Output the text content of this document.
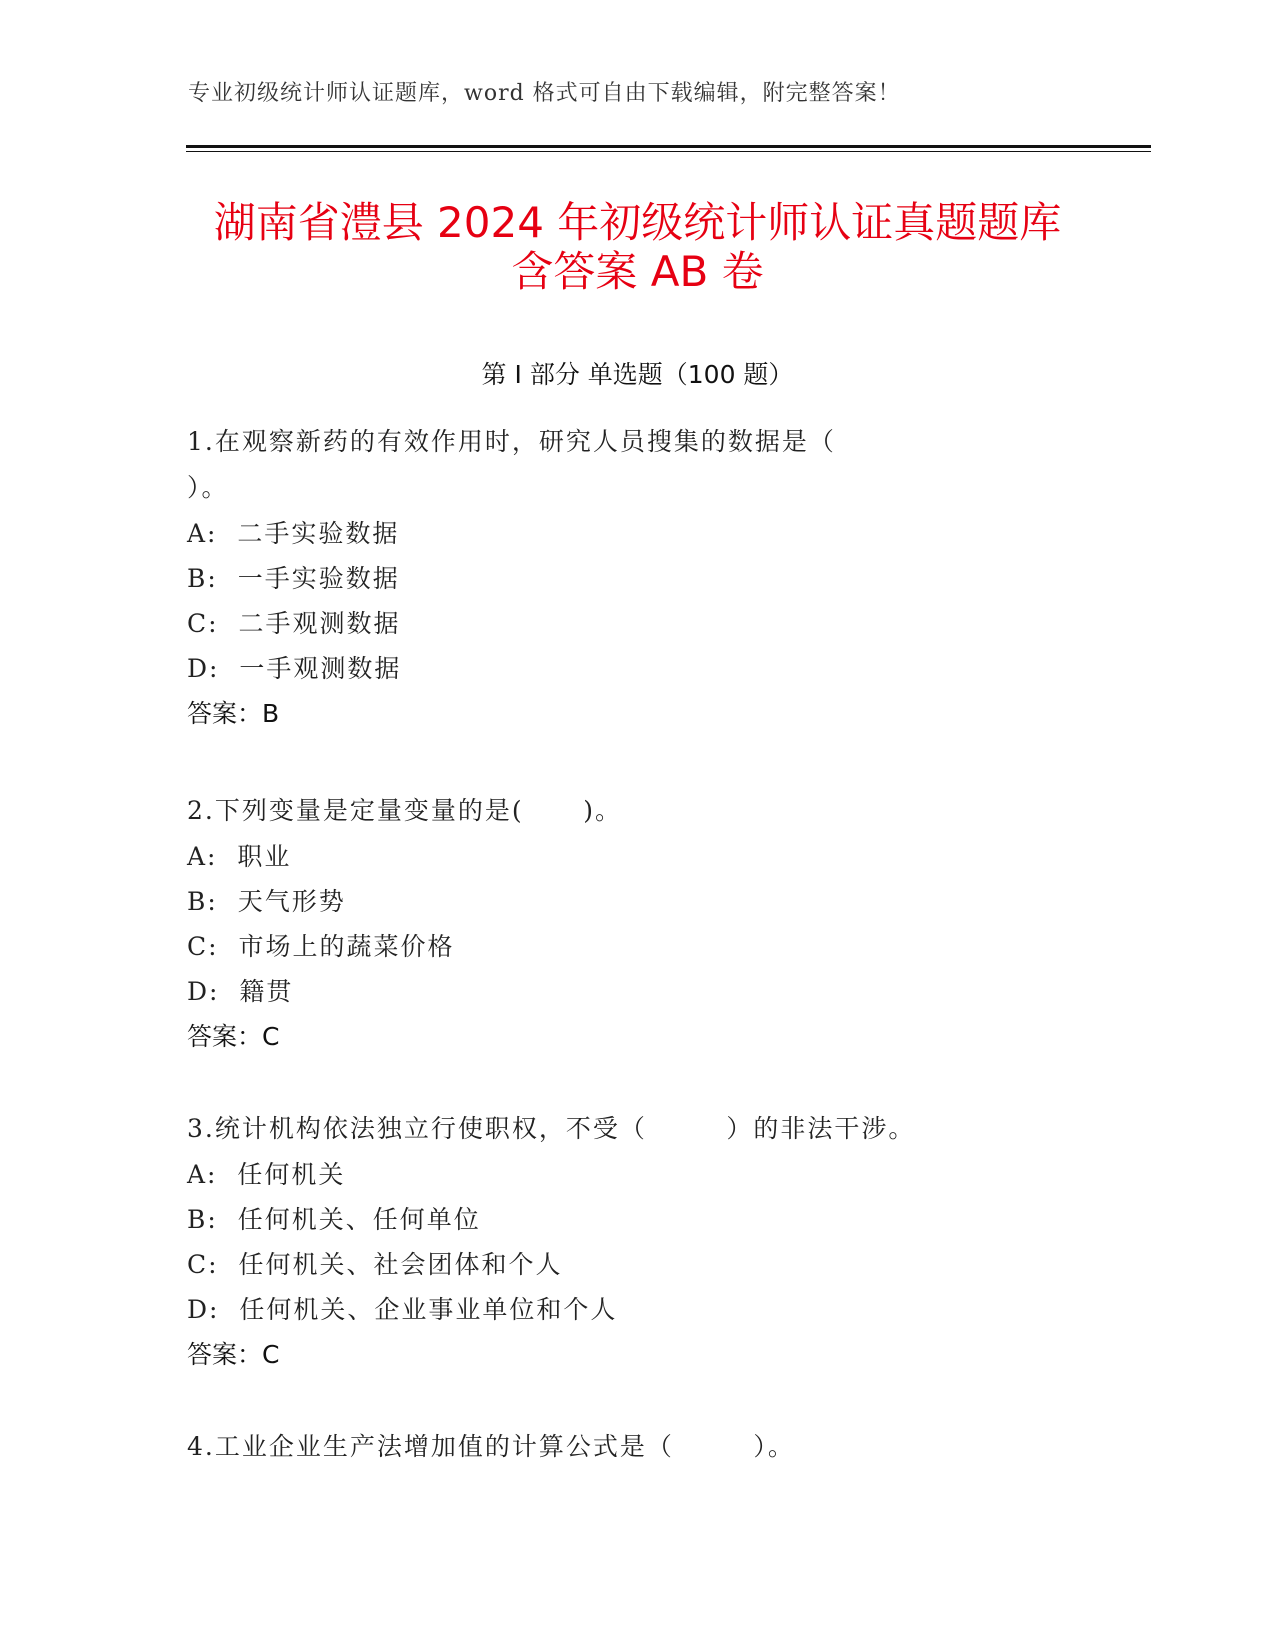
专业初级统计师认证题库，word 格式可自由下载编辑，附完整答案！
湖南省澧县 2024 年初级统计师认证真题题库
含答案 AB 卷
第 I 部分 单选题（100 题）
1.在观察新药的有效作用时，研究人员搜集的数据是（
）。
A:  二手实验数据
B:  一手实验数据
C:  二手观测数据
D:  一手观测数据
答案：B
2.下列变量是定量变量的是(      )。
A:  职业
B:  天气形势
C:  市场上的蔬菜价格
D:  籍贯
答案：C
3.统计机构依法独立行使职权，不受（        ）的非法干涉。
A:  任何机关
B:  任何机关、任何单位
C:  任何机关、社会团体和个人
D:  任何机关、企业事业单位和个人
答案：C
4.工业企业生产法增加值的计算公式是（        ）。
